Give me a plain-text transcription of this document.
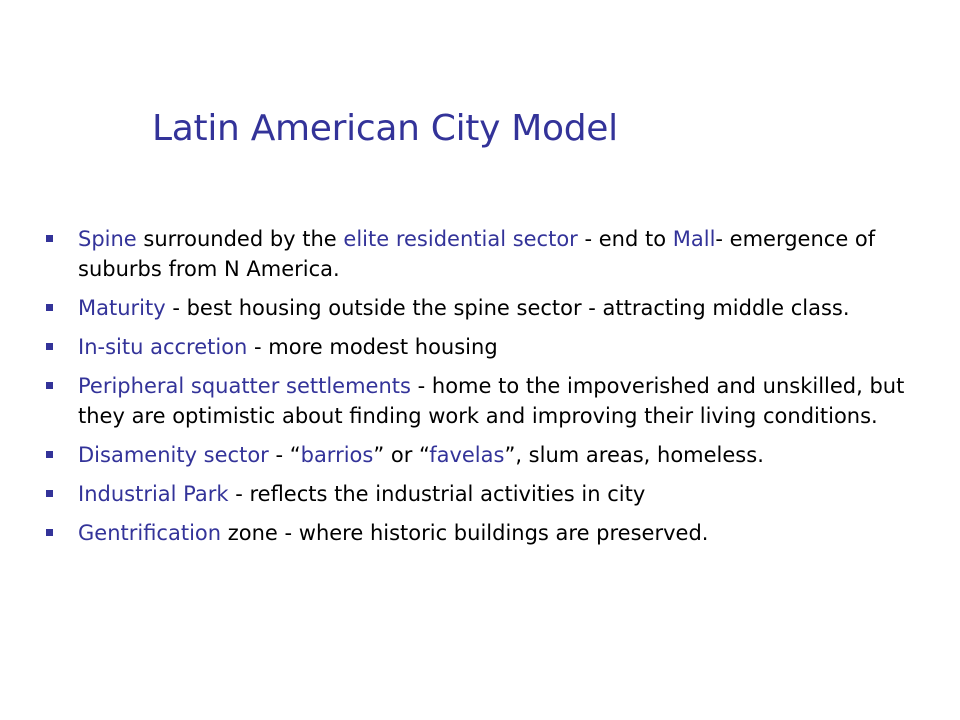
Latin American City Model
Spine surrounded by the elite residential sector - end to Mall- emergence of suburbs from N America.
Maturity - best housing outside the spine sector - attracting middle class.
In-situ accretion - more modest housing
Peripheral squatter settlements - home to the impoverished and unskilled, but they are optimistic about finding work and improving their living conditions.
Disamenity sector - “barrios” or “favelas”, slum areas, homeless.
Industrial Park - reflects the industrial activities in city
Gentrification zone - where historic buildings are preserved.
